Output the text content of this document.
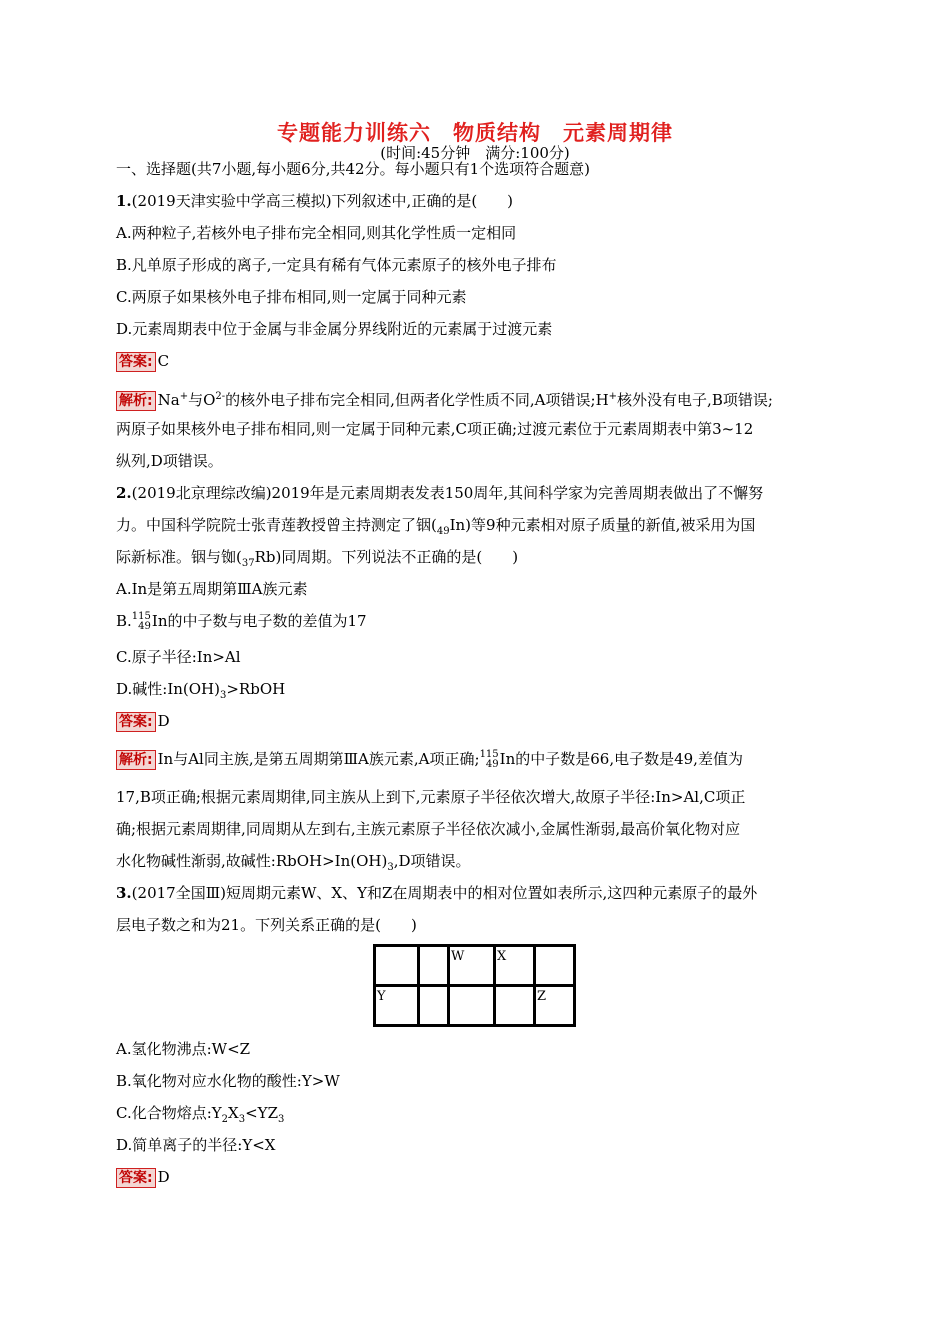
专题能力训练六　物质结构　元素周期律
(时间:45分钟　满分:100分)
一、选择题(共7小题,每小题6分,共42分。每小题只有1个选项符合题意)
1.(2019天津实验中学高三模拟)下列叙述中,正确的是(　　)
A.两种粒子,若核外电子排布完全相同,则其化学性质一定相同
B.凡单原子形成的离子,一定具有稀有气体元素原子的核外电子排布
C.两原子如果核外电子排布相同,则一定属于同种元素
D.元素周期表中位于金属与非金属分界线附近的元素属于过渡元素
答案: C
解析: Na+与$O^{2-}$的核外电子排布完全相同,但两者化学性质不同,A项错误;H+核外没有电子,B项错误;
两原子如果核外电子排布相同,则一定属于同种元素,C项正确;过渡元素位于元素周期表中第3~12
纵列,D项错误。
2.(2019北京理综改编)2019年是元素周期表发表150周年,其间科学家为完善周期表做出了不懈努
力。中国科学院院士张青莲教授曾主持测定了铟$(_{49}In)$等9种元素相对原子质量的新值,被采用为国
际新标准。铟与铷$(_{37}Rb)$同周期。下列说法不正确的是(　　)
A.In是第五周期第ⅢA族元素
B. 115
49 In的中子数与电子数的差值为17
C.原子半径:In>Al
D.碱性$:In(OH)_3>RbOH$
答案: D
解析: In与Al同主族,是第五周期第ⅢA族元素,A项正确; 115
49 In的中子数是66,电子数是49,差值为
17,B项正确;根据元素周期律,同主族从上到下,元素原子半径依次增大,故原子半径:In>Al,C项正
确;根据元素周期律,同周期从左到右,主族元素原子半径依次减小,金属性渐弱,最高价氧化物对应
水化物碱性渐弱,故碱性$:RbOH>In(OH)_3,D$项错误。
3.(2017全国Ⅲ)短周期元素W、X、Y和Z在周期表中的相对位置如表所示,这四种元素原子的最外
层电子数之和为21。下列关系正确的是(　　)
		W	X	
Y				Z
A.氢化物沸点:W<Z
B.氧化物对应水化物的酸性:Y>W
C.化合物熔点$:Y_2X_3<YZ_3$
D.简单离子的半径:Y<X
答案: D
